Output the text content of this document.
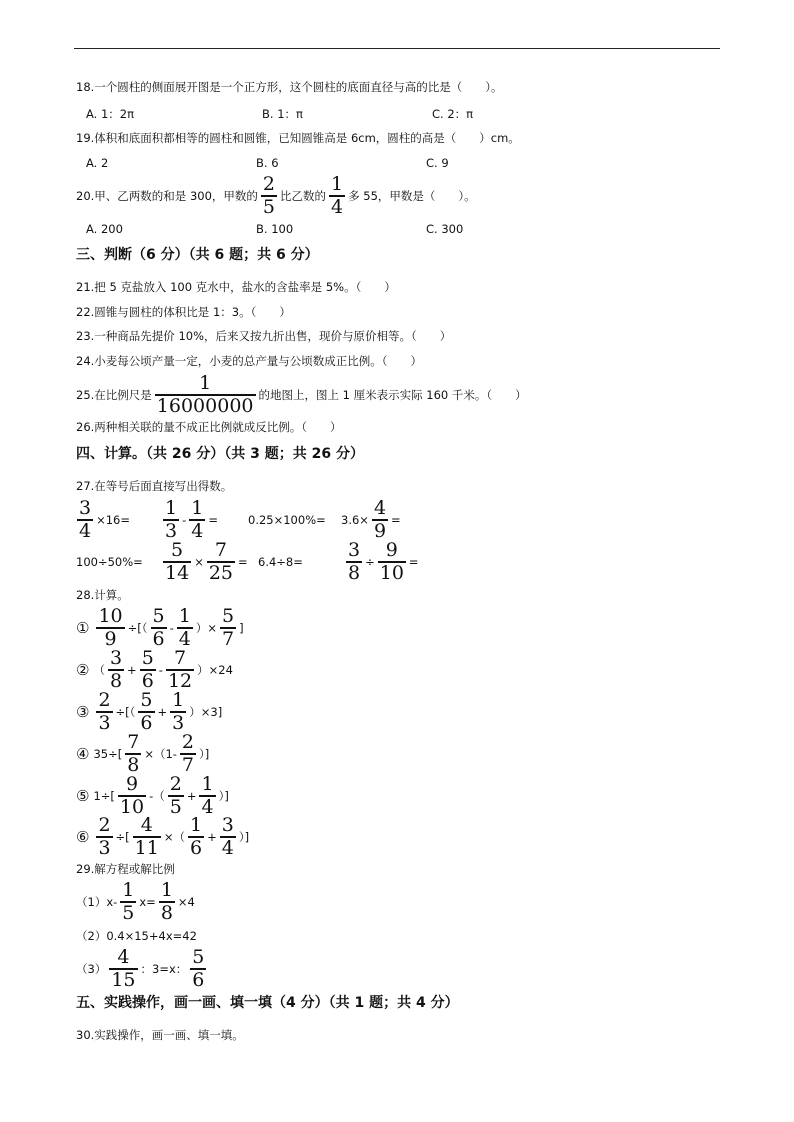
18.一个圆柱的侧面展开图是一个正方形，这个圆柱的底面直径与高的比是（　　）。
A. 1：2π	B. 1：π	C. 2：π
19.体积和底面积都相等的圆柱和圆锥，已知圆锥高是 6cm，圆柱的高是（　　）cm。
A. 2	B. 6	C. 9
20.甲、乙两数的和是 300，甲数的 $\frac{2}{5}$ 比乙数的 $\frac{1}{4}$ 多 55，甲数是（　　）。
A. 200	B. 100	C. 300
三、判断（6 分）（共 6 题；共 6 分）
21.把 5 克盐放入 100 克水中，盐水的含盐率是 5%。（　　）
22.圆锥与圆柱的体积比是 1：3。（　　）
23.一种商品先提价 10%，后来又按九折出售，现价与原价相等。（　　）
24.小麦每公顷产量一定，小麦的总产量与公顷数成正比例。（　　）
25.在比例尺是 $\frac{1}{16000000}$ 的地图上，图上 1 厘米表示实际 160 千米。（　　）
26.两种相关联的量不成正比例就成反比例。（　　）
四、计算。（共 26 分）（共 3 题；共 26 分）
27.在等号后面直接写出得数。
$\frac{3}{4} \times 16= \frac{1}{3} - \frac{1}{4}$ =	$0.25\times 100\%= 3.6\times \frac{4}{9}$ =
$100\div 50\%= \frac{5}{14} \times \frac{7}{25} = 6.4\div 8= \frac{3}{8} \div \frac{9}{10}$ =
28.计算。
① $\frac{10}{9}$ ÷[（ $\frac{5}{6} - \frac{1}{4}$ ）× $\frac{5}{7}$ ]
② （ $\frac{3}{8} + \frac{5}{6} - \frac{7}{12} )\times 24$
③ $\frac{2}{3}$ ÷[（ $\frac{5}{6} + \frac{1}{3} )\times 3$]
④ $35\div[ \frac{7}{8} \times(1- \frac{2}{7}$ ）]
⑤ $1\div[ \frac{9}{10}$ -（ $\frac{2}{5} + \frac{1}{4}$ ）]
⑥ $\frac{2}{3}$ ÷[ $\frac{4}{11}$ ×（ $\frac{1}{6} + \frac{3}{4}$ ）]
29.解方程或解比例
$(1)x- \frac{1}{5} x= \frac{1}{8} \times 4$
（2）0.4×15+4x=42
$(3) \frac{4}{15}$ ：3=x： $\frac{5}{6}$
五、实践操作，画一画、填一填（4 分）（共 1 题；共 4 分）
30.实践操作，画一画、填一填。
